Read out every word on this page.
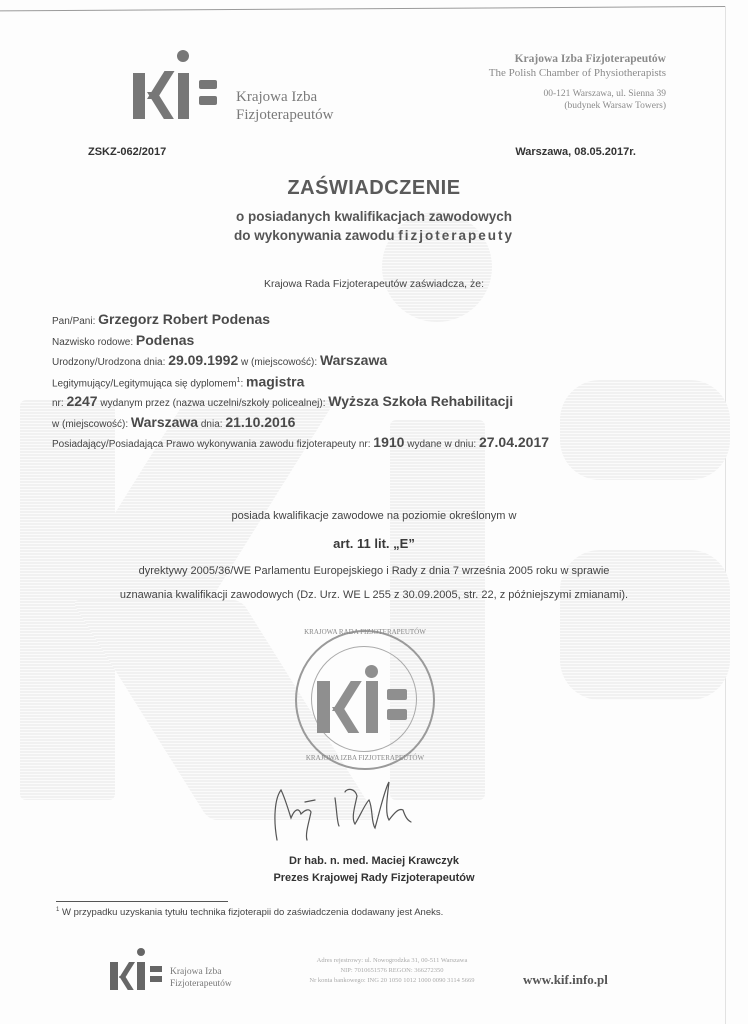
Krajowa Izba
Fizjoterapeutów
Krajowa Izba Fizjoterapeutów
The Polish Chamber of Physiotherapists
00-121 Warszawa, ul. Sienna 39
(budynek Warsaw Towers)
ZSKZ-062/2017	Warszawa, 08.05.2017r.
ZAŚWIADCZENIE
o posiadanych kwalifikacjach zawodowych
do wykonywania zawodu fizjoterapeuty
Krajowa Rada Fizjoterapeutów zaświadcza, że:
Pan/Pani: Grzegorz Robert Podenas
Nazwisko rodowe: Podenas
Urodzony/Urodzona dnia: 29.09.1992 w (miejscowość): Warszawa
Legitymujący/Legitymująca się dyplomem$^1$: magistra
nr: 2247 wydanym przez (nazwa uczelni/szkoły policealnej): Wyższa Szkoła Rehabilitacji
w (miejscowość): Warszawa dnia: 21.10.2016
Posiadający/Posiadająca Prawo wykonywania zawodu fizjoterapeuty nr: 1910 wydane w dniu: 27.04.2017
posiada kwalifikacje zawodowe na poziomie określonym w
art. 11 lit. „E”
dyrektywy 2005/36/WE Parlamentu Europejskiego i Rady z dnia 7 września 2005 roku w sprawie
uznawania kwalifikacji zawodowych (Dz. Urz. WE L 255 z 30.09.2005, str. 22, z późniejszymi zmianami).
KRAJOWA RADA FIZJOTERAPEUTÓW
KRAJOWA IZBA FIZJOTERAPEUTÓW
Dr hab. n. med. Maciej Krawczyk
Prezes Krajowej Rady Fizjoterapeutów
$^1$ W przypadku uzyskania tytułu technika fizjoterapii do zaświadczenia dodawany jest Aneks.
Krajowa Izba
Fizjoterapeutów
Adres rejestrowy: ul. Nowogrodzka 31, 00-511 Warszawa
NIP: 7010651576 REGON: 366272350
Nr konta bankowego: ING 20 1050 1012 1000 0090 3114 5669	www.kif.info.pl
